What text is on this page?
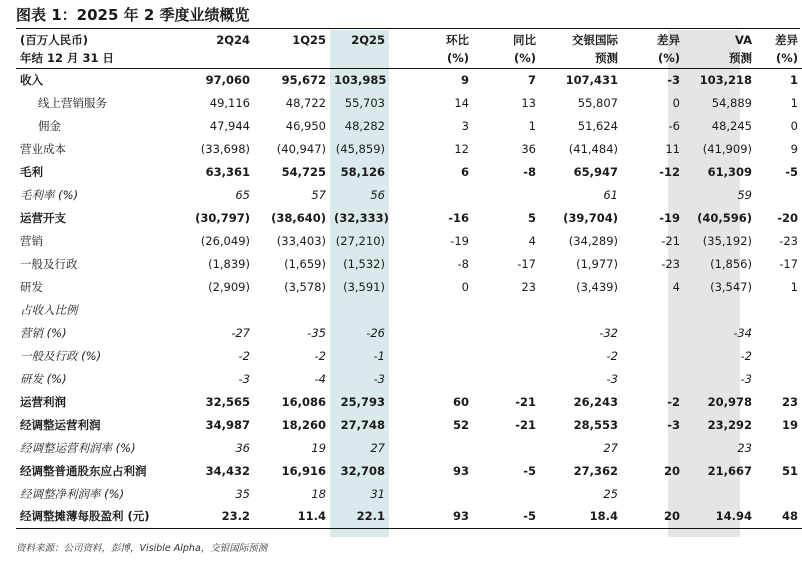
图表 1：2025 年 2 季度业绩概览
(百万人民币)	2Q24	1Q25	2Q25	环比	同比	交银国际	差异	VA	差异
年结 12 月 31 日				(%)	(%)	预测	(%)	预测	(%)
收入	97,060	95,672	103,985	9	7	107,431	-3	103,218	1
线上营销服务	49,116	48,722	55,703	14	13	55,807	0	54,889	1
佣金	47,944	46,950	48,282	3	1	51,624	-6	48,245	0
营业成本	(33,698)	(40,947)	(45,859)	12	36	(41,484)	11	(41,909)	9
毛利	63,361	54,725	58,126	6	-8	65,947	-12	61,309	-5
毛利率 (%)	65	57	56			61		59	
运营开支	(30,797)	(38,640)	(32,333)	-16	5	(39,704)	-19	(40,596)	-20
营销	(26,049)	(33,403)	(27,210)	-19	4	(34,289)	-21	(35,192)	-23
一般及行政	(1,839)	(1,659)	(1,532)	-8	-17	(1,977)	-23	(1,856)	-17
研发	(2,909)	(3,578)	(3,591)	0	23	(3,439)	4	(3,547)	1
占收入比例									
营销 (%)	-27	-35	-26			-32		-34	
一般及行政 (%)	-2	-2	-1			-2		-2	
研发 (%)	-3	-4	-3			-3		-3	
运营利润	32,565	16,086	25,793	60	-21	26,243	-2	20,978	23
经调整运营利润	34,987	18,260	27,748	52	-21	28,553	-3	23,292	19
经调整运营利润率 (%)	36	19	27			27		23	
经调整普通股东应占利润	34,432	16,916	32,708	93	-5	27,362	20	21,667	51
经调整净利润率 (%)	35	18	31			25			
经调整摊薄每股盈利 (元)	23.2	11.4	22.1	93	-5	18.4	20	14.94	48
资料来源：公司资料，彭博，Visible Alpha，交银国际预测
